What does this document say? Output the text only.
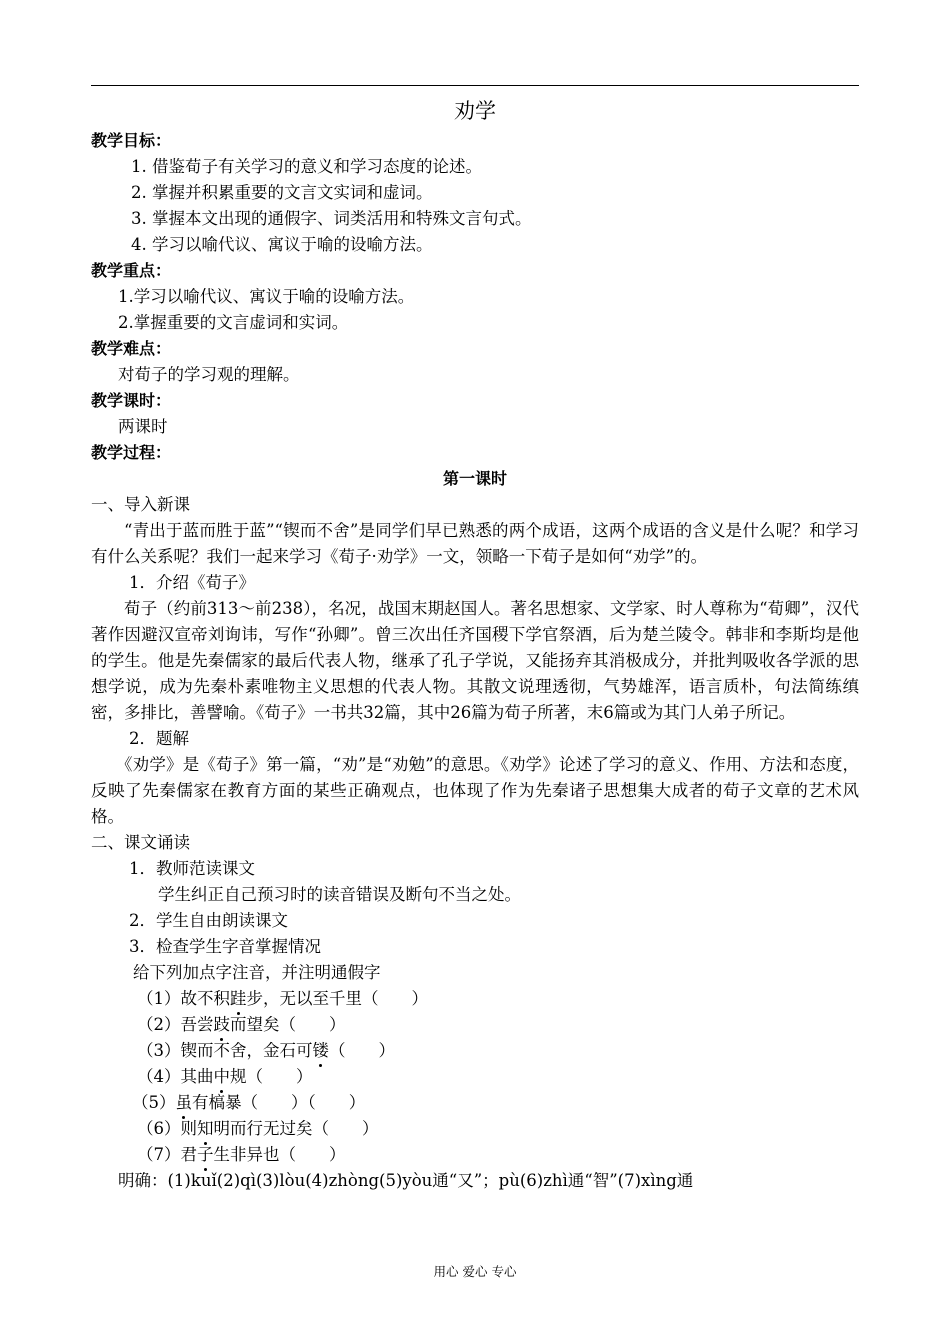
劝学
教学目标：
1. 借鉴荀子有关学习的意义和学习态度的论述。
2. 掌握并积累重要的文言文实词和虚词。
3. 掌握本文出现的通假字、词类活用和特殊文言句式。
4. 学习以喻代议、寓议于喻的设喻方法。
教学重点：
1.学习以喻代议、寓议于喻的设喻方法。
2.掌握重要的文言虚词和实词。
教学难点：
对荀子的学习观的理解。
教学课时：
两课时
教学过程：
第一课时
一、导入新课
“青出于蓝而胜于蓝”“锲而不舍”是同学们早已熟悉的两个成语，这两个成语的含义是什么呢？和学习有什么关系呢？我们一起来学习《荀子·劝学》一文，领略一下荀子是如何“劝学”的。
1．介绍《荀子》
荀子（约前313～前238），名况，战国末期赵国人。著名思想家、文学家、时人尊称为“荀卿”，汉代著作因避汉宣帝刘询讳，写作“孙卿”。曾三次出任齐国稷下学官祭酒，后为楚兰陵令。韩非和李斯均是他的学生。他是先秦儒家的最后代表人物，继承了孔子学说，又能扬弃其消极成分，并批判吸收各学派的思想学说，成为先秦朴素唯物主义思想的代表人物。其散文说理透彻，气势雄浑，语言质朴，句法简练缜密，多排比，善譬喻。《荀子》一书共32篇，其中26篇为荀子所著，末6篇或为其门人弟子所记。
2．题解
《劝学》是《荀子》第一篇，“劝”是“劝勉”的意思。《劝学》论述了学习的意义、作用、方法和态度，反映了先秦儒家在教育方面的某些正确观点，也体现了作为先秦诸子思想集大成者的荀子文章的艺术风格。
二、课文诵读
1．教师范读课文
学生纠正自己预习时的读音错误及断句不当之处。
2．学生自由朗读课文
3．检查学生字音掌握情况
给下列加点字注音，并注明通假字
（1）故不积跬步，无以至千里（　　）
（2）吾尝跂而望矣（　　）
（3）锲而不舍，金石可镂（　　）
（4）其曲中规（　　）
（5）虽有槁暴（　　）（　　）
（6）则知明而行无过矣（　　）
（7）君子生非异也（　　）
明确：(1)kuǐ(2)qì(3)lòu(4)zhòng(5)yòu通“又”；pù(6)zhì通“智”(7)xìng通
用心 爱心 专心
